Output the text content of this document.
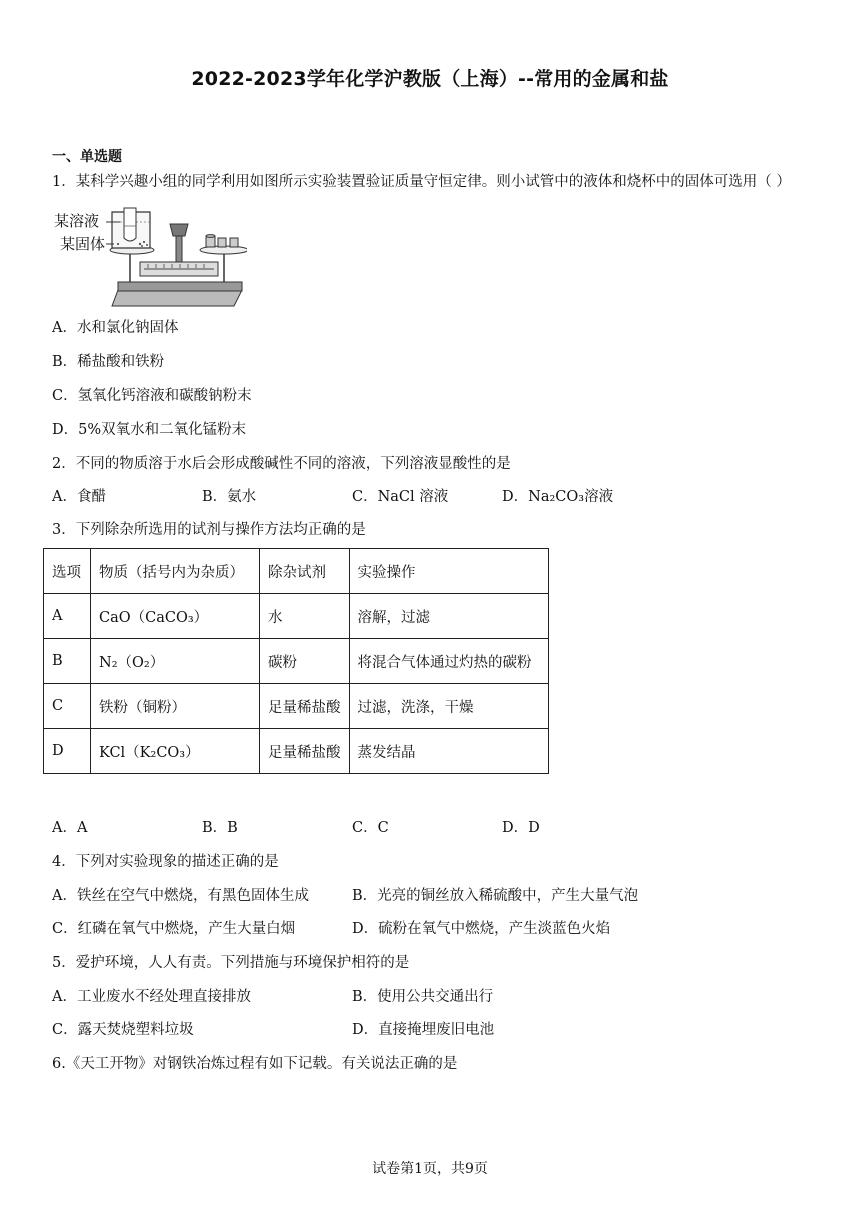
2022-2023学年化学沪教版（上海）--常用的金属和盐
一、单选题
1．某科学兴趣小组的同学利用如图所示实验装置验证质量守恒定律。则小试管中的液体和烧杯中的固体可选用（ ）
某溶液
某固体
A．水和氯化钠固体
B．稀盐酸和铁粉
C．氢氧化钙溶液和碳酸钠粉末
D．5%双氧水和二氧化锰粉末
2．不同的物质溶于水后会形成酸碱性不同的溶液，下列溶液显酸性的是
A．食醋	B．氨水	C．NaCl 溶液	D．Na₂CO₃溶液
3．下列除杂所选用的试剂与操作方法均正确的是
选项	物质（括号内为杂质）	除杂试剂	实验操作
A	CaO（CaCO₃）	水	溶解，过滤
B	N₂（O₂）	碳粉	将混合气体通过灼热的碳粉
C	铁粉（铜粉）	足量稀盐酸	过滤，洗涤，干燥
D	KCl（K₂CO₃）	足量稀盐酸	蒸发结晶
A．A	B．B	C．C	D．D
4．下列对实验现象的描述正确的是
A．铁丝在空气中燃烧，有黑色固体生成	B．光亮的铜丝放入稀硫酸中，产生大量气泡
C．红磷在氧气中燃烧，产生大量白烟	D．硫粉在氧气中燃烧，产生淡蓝色火焰
5．爱护环境，人人有责。下列措施与环境保护相符的是
A．工业废水不经处理直接排放	B．使用公共交通出行
C．露天焚烧塑料垃圾	D．直接掩埋废旧电池
6.《天工开物》对钢铁冶炼过程有如下记载。有关说法正确的是
试卷第1页，共9页
